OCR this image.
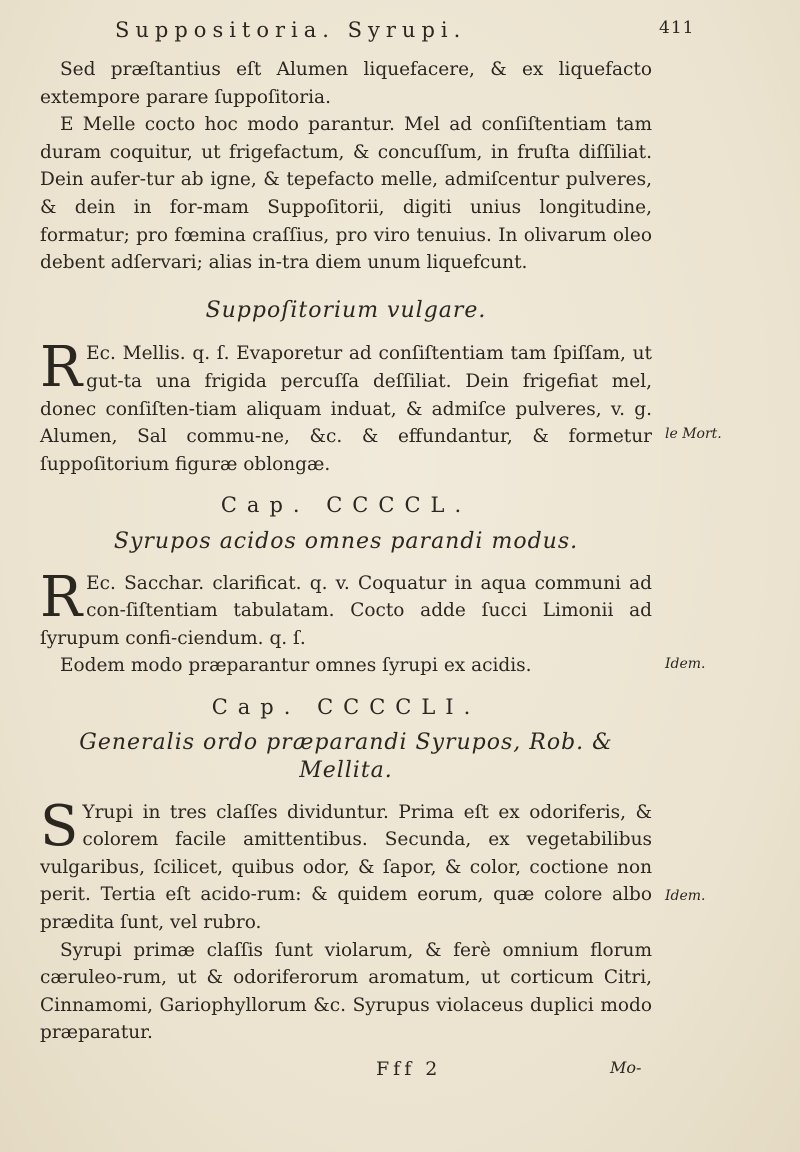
Suppositoria. Syrupi.	411

Sed præſtantius eſt Alumen liquefacere, & ex liquefacto extempore parare ſuppoſitoria.

E Melle cocto hoc modo parantur. Mel ad conſiſtentiam tam duram coquitur, ut frigefactum, & concuſſum, in fruſta diſſiliat. Dein aufer-tur ab igne, & tepefacto melle, admiſcentur pulveres, & dein in for-mam Suppoſitorii, digiti unius longitudine, formatur; pro fœmina craſſius, pro viro tenuius. In olivarum oleo debent adſervari; alias in-tra diem unum liquefcunt.

Suppoſitorium vulgare.

R Ec. Mellis. q. ſ. Evaporetur ad conſiſtentiam tam ſpiſſam, ut gut-ta una frigida percuſſa deſſiliat. Dein frigefiat mel, donec conſiſten-tiam aliquam induat, & admiſce pulveres, v. g. Alumen, Sal commu-ne, &c. & effundantur, & formetur ſuppoſitorium figuræ oblongæ.

Cap. CCCCL.
Syrupos acidos omnes parandi modus.

R Ec. Sacchar. clarificat. q. v. Coquatur in aqua communi ad con-ſiſtentiam tabulatam. Cocto adde ſucci Limonii ad ſyrupum confi-ciendum. q. ſ.

Eodem modo præparantur omnes ſyrupi ex acidis.

Cap. CCCCLI.
Generalis ordo præparandi Syrupos, Rob. & Mellita.

S Yrupi in tres claſſes dividuntur. Prima eſt ex odoriferis, & colorem facile amittentibus. Secunda, ex vegetabilibus vulgaribus, ſcilicet, quibus odor, & ſapor, & color, coctione non perit. Tertia eſt acido-rum: & quidem eorum, quæ colore albo prædita ſunt, vel rubro.

Syrupi primæ claſſis ſunt violarum, & ferè omnium florum cæruleo-rum, ut & odoriferorum aromatum, ut corticum Citri, Cinnamomi, Gariophyllorum &c. Syrupus violaceus duplici modo præparatur.

le Mort.
Idem.
Idem.
Fff 2	Mo-
